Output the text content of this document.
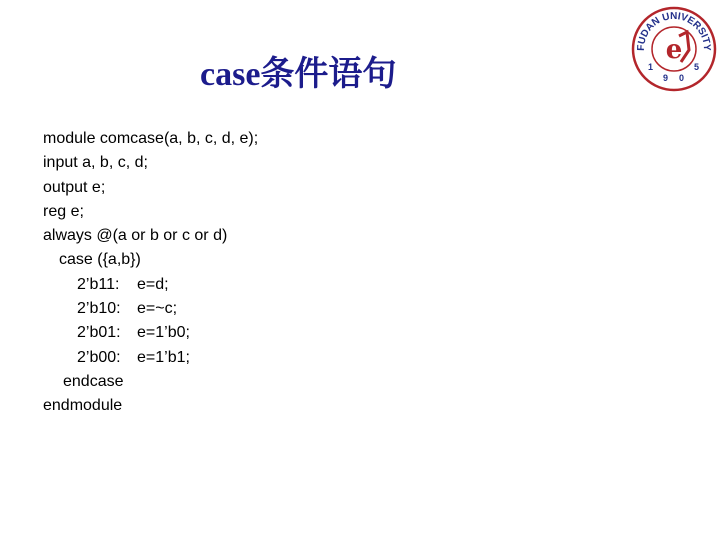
case条件语句
FUDAN UNIVERSITY
1
9 0
5
e
module comcase(a, b, c, d, e);
input a, b, c, d;
output e;
reg e;
always @(a or b or c or d)
case ({a,b})
2’b11: e=d;
2’b10: e=~c;
2’b01: e=1’b0;
2’b00: e=1’b1;
endcase
endmodule
